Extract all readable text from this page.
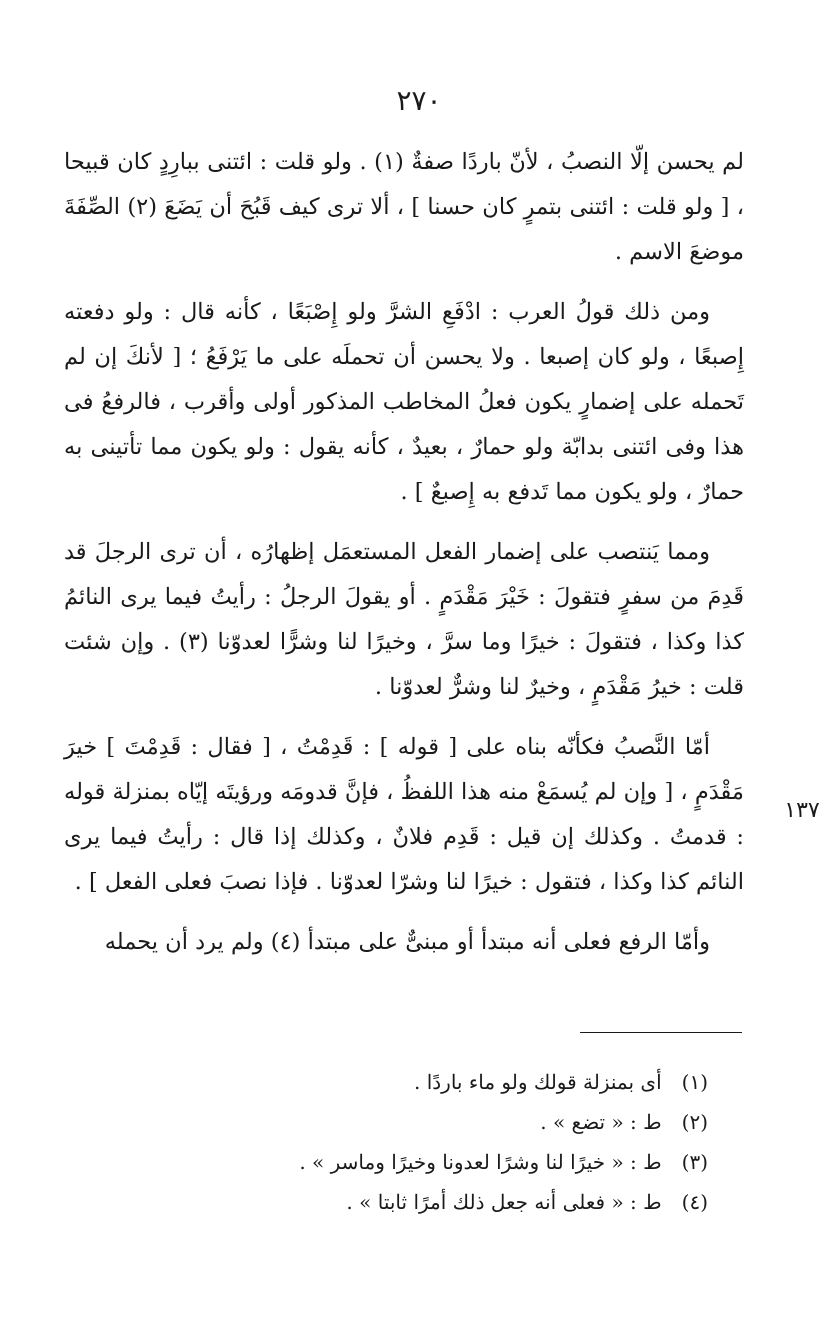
٢٧٠
١٣٧

لم يحسن إلّا النصبُ ، لأنّ باردًا صفةٌ (١) . ولو قلت : ائتنى ببارِدٍ كان قبيحا ، [ ولو قلت : ائتنى بتمرٍ كان حسنا ] ، ألا ترى كيف قَبُحَ أن يَضَعَ (٢) الصِّفَةَ موضعَ الاسم .

ومن ذلك قولُ العرب : ادْفَعِ الشرَّ ولو إِصْبَعًا ، كأنه قال : ولو دفعته إِصبعًا ، ولو كان إصبعا . ولا يحسن أن تحملَه على ما يَرْفَعُ ؛ [ لأنكَ إن لم تَحمله على إضمارٍ يكون فعلُ المخاطب المذكور أولى وأقرب ، فالرفعُ فى هذا وفى ائتنى بدابّة ولو حمارٌ ، بعيدٌ ، كأنه يقول : ولو يكون مما تأتينى به حمارٌ ، ولو يكون مما تَدفع به إِصبعٌ ] .

ومما يَنتصب على إضمار الفعل المستعمَل إظهارُه ، أن ترى الرجلَ قد قَدِمَ من سفرٍ فتقولَ : خَيْرَ مَقْدَمٍ . أو يقولَ الرجلُ : رأيتُ فيما يرى النائمُ كذا وكذا ، فتقولَ : خيرًا وما سرَّ ، وخيرًا لنا وشرًّا لعدوّنا (٣) . وإن شئت قلت : خيرُ مَقْدَمٍ ، وخيرٌ لنا وشرٌّ لعدوّنا .

أمّا النَّصبُ فكأنّه بناه على [ قوله ] : قَدِمْتُ ، [ فقال : قَدِمْتَ ] خيرَ مَقْدَمٍ ، [ وإن لم يُسمَعْ منه هذا اللفظُ ، فإنَّ قدومَه ورؤيتَه إيّاه بمنزلة قوله : قدمتُ . وكذلك إن قيل : قَدِم فلانٌ ، وكذلك إذا قال : رأيتُ فيما يرى النائم كذا وكذا ، فتقول : خيرًا لنا وشرّا لعدوّنا . فإذا نصبَ فعلى الفعل ] .

وأمّا الرفع فعلى أنه مبتدأ أو مبنىٌّ على مبتدأ (٤) ولم يرد أن يحمله

(١) أى بمنزلة قولك ولو ماء باردًا .
(٢) ط : « تضع » .
(٣) ط : « خيرًا لنا وشرًا لعدونا وخيرًا وماسر » .
(٤) ط : « فعلى أنه جعل ذلك أمرًا ثابتا » .
